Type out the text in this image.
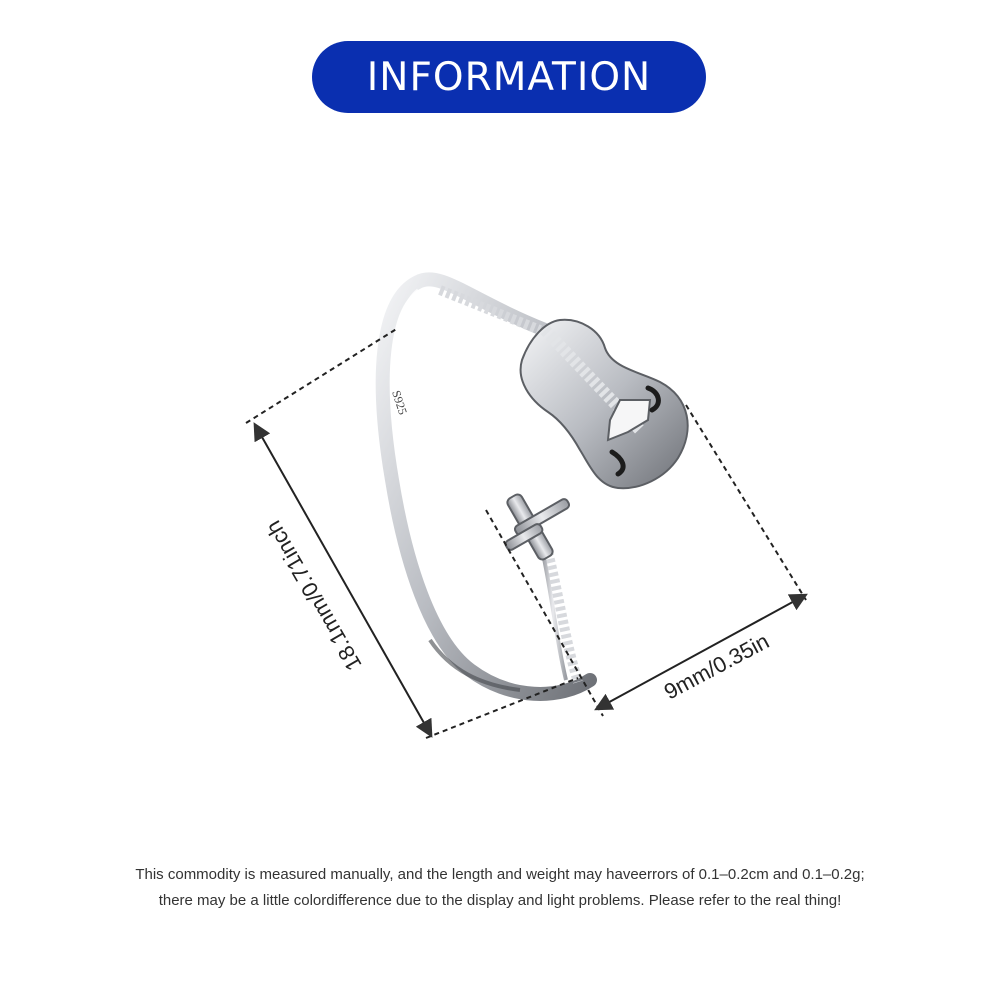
INFORMATION
S925
18.1mm/0.71inch	9mm/0.35in
This commodity is measured manually, and the length and weight may haveerrors of 0.1–0.2cm and 0.1–0.2g;
there may be a little colordifference due to the display and light problems. Please refer to the real thing!
